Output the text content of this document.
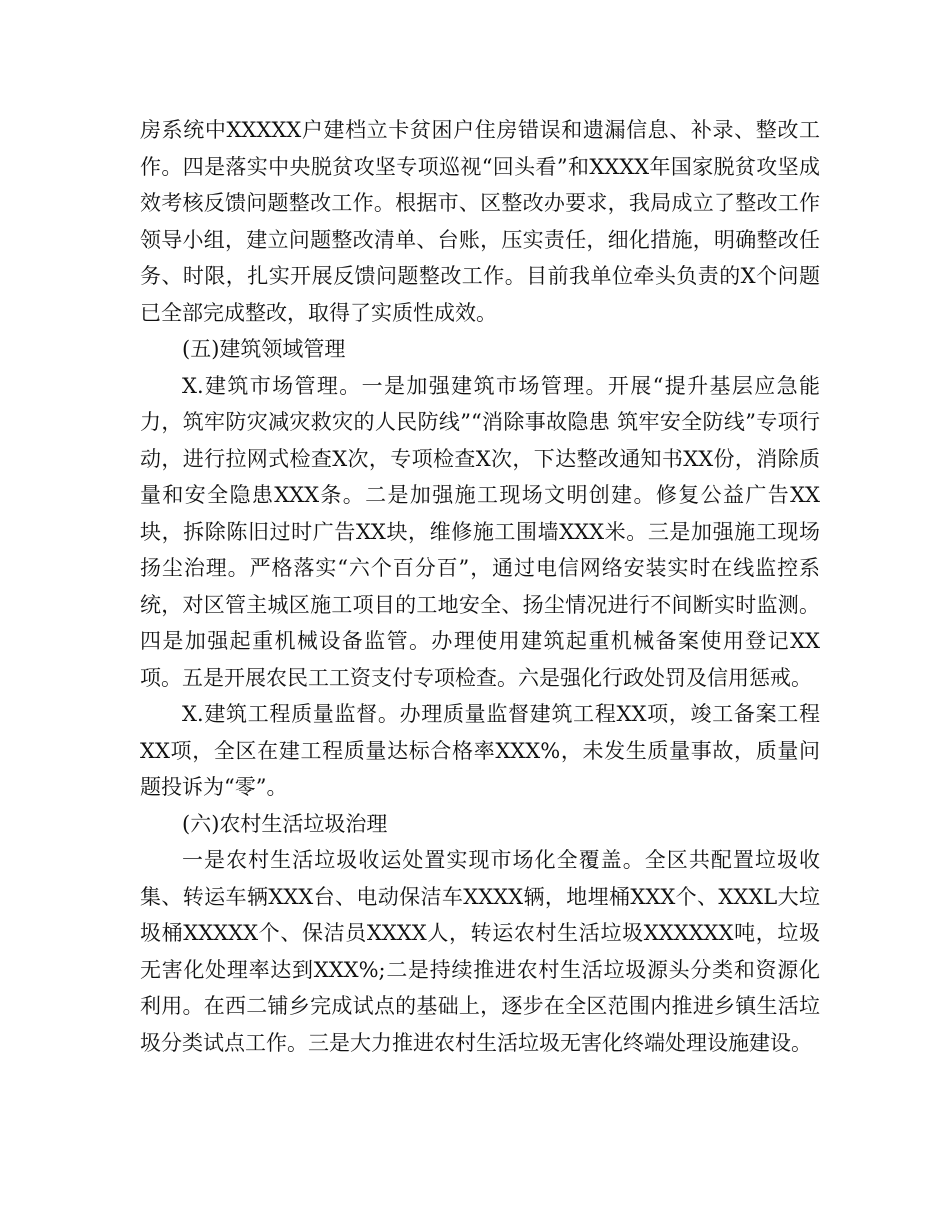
房系统中XXXXX户建档立卡贫困户住房错误和遗漏信息、补录、整改工作。四是落实中央脱贫攻坚专项巡视“回头看”和XXXX年国家脱贫攻坚成效考核反馈问题整改工作。根据市、区整改办要求，我局成立了整改工作领导小组，建立问题整改清单、台账，压实责任，细化措施，明确整改任务、时限，扎实开展反馈问题整改工作。目前我单位牵头负责的X个问题已全部完成整改，取得了实质性成效。

(五)建筑领域管理

X.建筑市场管理。一是加强建筑市场管理。开展“提升基层应急能力，筑牢防灾减灾救灾的人民防线”“消除事故隐患 筑牢安全防线”专项行动，进行拉网式检查X次，专项检查X次，下达整改通知书XX份，消除质量和安全隐患XXX条。二是加强施工现场文明创建。修复公益广告XX块，拆除陈旧过时广告XX块，维修施工围墙XXX米。三是加强施工现场扬尘治理。严格落实“六个百分百”，通过电信网络安装实时在线监控系统，对区管主城区施工项目的工地安全、扬尘情况进行不间断实时监测。四是加强起重机械设备监管。办理使用建筑起重机械备案使用登记XX项。五是开展农民工工资支付专项检查。六是强化行政处罚及信用惩戒。

X.建筑工程质量监督。办理质量监督建筑工程XX项，竣工备案工程XX项，全区在建工程质量达标合格率XXX%，未发生质量事故，质量问题投诉为“零”。

(六)农村生活垃圾治理

一是农村生活垃圾收运处置实现市场化全覆盖。全区共配置垃圾收集、转运车辆XXX台、电动保洁车XXXX辆，地埋桶XXX个、XXXL大垃圾桶XXXXX个、保洁员XXXX人，转运农村生活垃圾XXXXXX吨，垃圾无害化处理率达到XXX%;二是持续推进农村生活垃圾源头分类和资源化利用。在西二铺乡完成试点的基础上，逐步在全区范围内推进乡镇生活垃圾分类试点工作。三是大力推进农村生活垃圾无害化终端处理设施建设。
